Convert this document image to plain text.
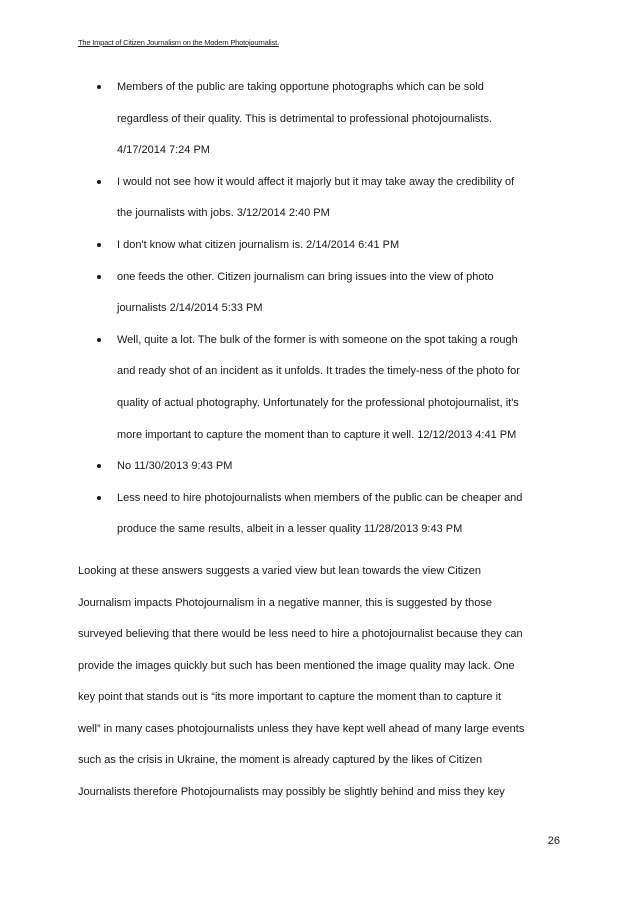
The Impact of Citizen Journalism on the Modern Photojournalist.
Members of the public are taking opportune photographs which can be sold
regardless of their quality. This is detrimental to professional photojournalists.
4/17/2014 7:24 PM
I would not see how it would affect it majorly but it may take away the credibility of
the journalists with jobs. 3/12/2014 2:40 PM
I don't know what citizen journalism is. 2/14/2014 6:41 PM
one feeds the other. Citizen journalism can bring issues into the view of photo
journalists 2/14/2014 5:33 PM
Well, quite a lot. The bulk of the former is with someone on the spot taking a rough
and ready shot of an incident as it unfolds. It trades the timely-ness of the photo for
quality of actual photography. Unfortunately for the professional photojournalist, it's
more important to capture the moment than to capture it well. 12/12/2013 4:41 PM
No 11/30/2013 9:43 PM
Less need to hire photojournalists when members of the public can be cheaper and
produce the same results, albeit in a lesser quality 11/28/2013 9:43 PM
Looking at these answers suggests a varied view but lean towards the view Citizen
Journalism impacts Photojournalism in a negative manner, this is suggested by those
surveyed believing that there would be less need to hire a photojournalist because they can
provide the images quickly but such has been mentioned the image quality may lack. One
key point that stands out is “its more important to capture the moment than to capture it
well” in many cases photojournalists unless they have kept well ahead of many large events
such as the crisis in Ukraine, the moment is already captured by the likes of Citizen
Journalists therefore Photojournalists may possibly be slightly behind and miss they key
26
